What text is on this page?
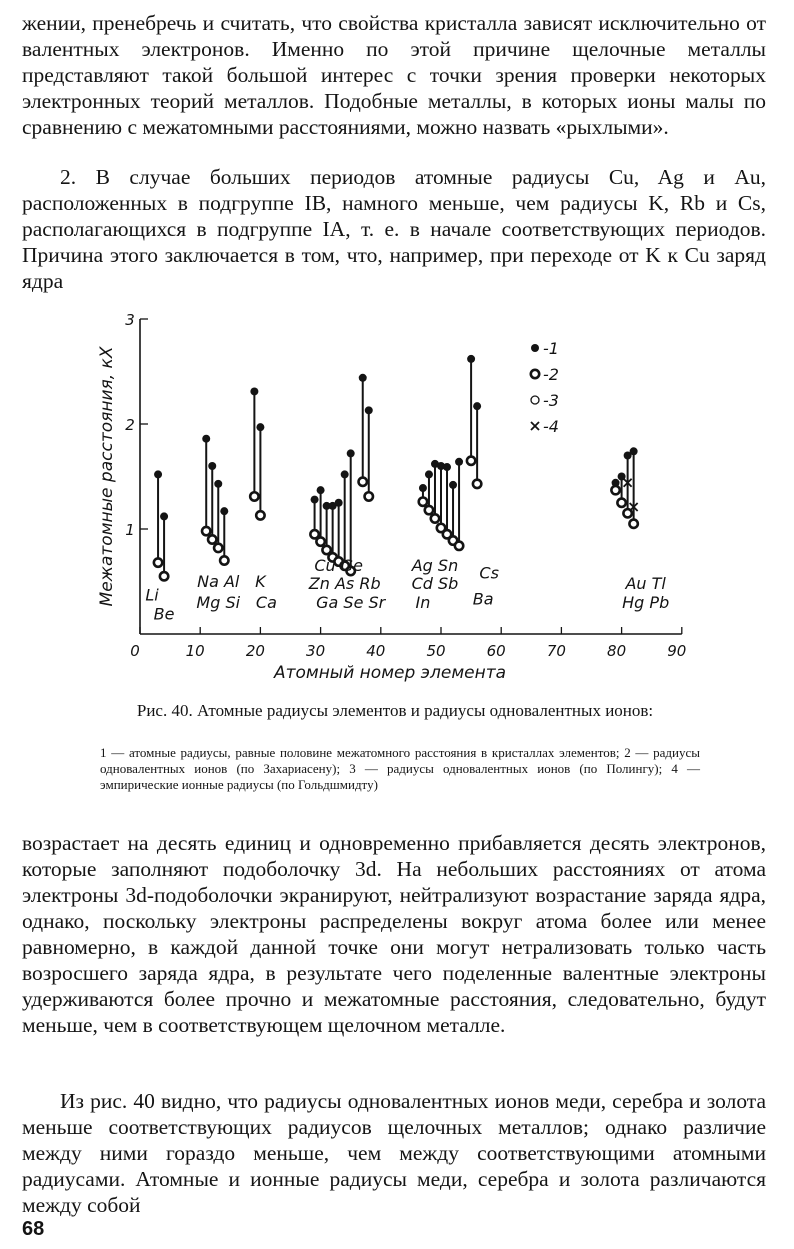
жении, пренебречь и считать, что свойства кристалла зависят исключительно от валентных электронов. Именно по этой причине щелочные металлы представляют такой большой интерес с точки зрения проверки некоторых электронных теорий металлов. Подобные металлы, в которых ионы малы по сравнению с межатомными расстояниями, можно назвать «рыхлыми».

2. В случае больших периодов атомные радиусы Cu, Ag и Au, расположенных в подгруппе IB, намного меньше, чем радиусы K, Rb и Cs, располагающихся в подгруппе IA, т. е. в начале соответствующих периодов. Причина этого заключается в том, что, например, при переходе от K к Cu заряд ядра

0	10	20	30	40	50	60	70	80	90
1
2
3
Атомный номер элемента
Межатомные расстояния, кХ Li
Be
Na Al
Mg Si
K
Ca
Cu Ge
Zn As Rb
Ga Se Sr
Ag Sn
Cd Sb
In
Cs
Ba
Au Tl
Hg Pb
-1
-2
-3
-4

Рис. 40. Атомные радиусы элементов и радиусы одновалентных ионов:

1 — атомные радиусы, равные половине межатомного расстояния в кристаллах элементов; 2 — радиусы одновалентных ионов (по Захариасену); 3 — радиусы одновалентных ионов (по Полингу); 4 — эмпирические ионные радиусы (по Гольдшмидту)

возрастает на десять единиц и одновременно прибавляется десять электронов, которые заполняют подоболочку 3d. На небольших расстояниях от атома электроны 3d-подоболочки экранируют, нейтрализуют возрастание заряда ядра, однако, поскольку электроны распределены вокруг атома более или менее равномерно, в каждой данной точке они могут нетрализовать только часть возросшего заряда ядра, в результате чего поделенные валентные электроны удерживаются более прочно и межатомные расстояния, следовательно, будут меньше, чем в соответствующем щелочном металле.

Из рис. 40 видно, что радиусы одновалентных ионов меди, серебра и золота меньше соответствующих радиусов щелочных металлов; однако различие между ними гораздо меньше, чем между соответствующими атомными радиусами. Атомные и ионные радиусы меди, серебра и золота различаются между собой

68
